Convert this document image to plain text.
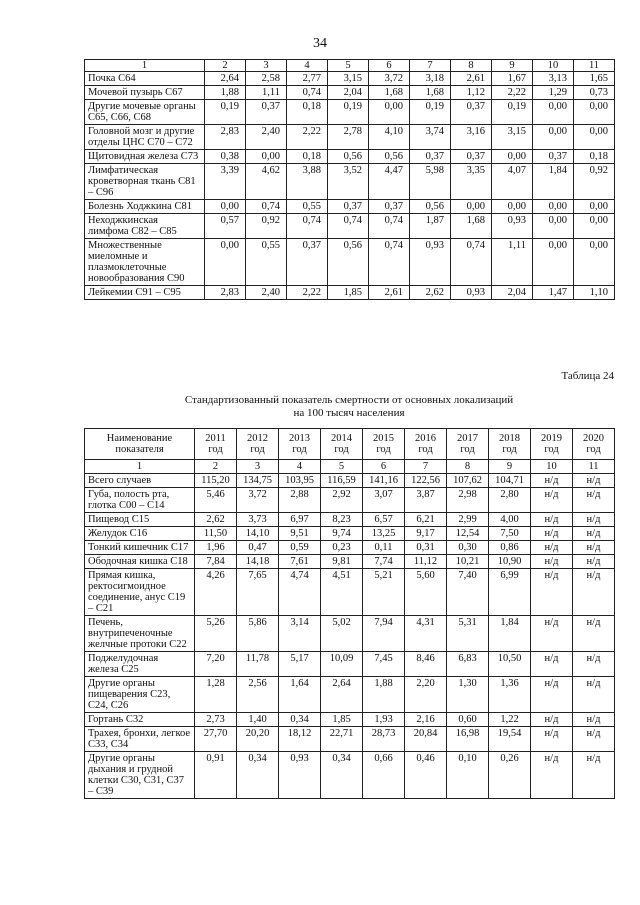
34
1	2	3	4	5	6	7	8	9	10	11
Почка С64	2,64	2,58	2,77	3,15	3,72	3,18	2,61	1,67	3,13	1,65
Мочевой пузырь С67	1,88	1,11	0,74	2,04	1,68	1,68	1,12	2,22	1,29	0,73
Другие мочевые органы С65, С66, С68	0,19	0,37	0,18	0,19	0,00	0,19	0,37	0,19	0,00	0,00
Головной мозг и другие отделы ЦНС С70 – С72	2,83	2,40	2,22	2,78	4,10	3,74	3,16	3,15	0,00	0,00
Щитовидная железа С73	0,38	0,00	0,18	0,56	0,56	0,37	0,37	0,00	0,37	0,18
Лимфатическая кроветворная ткань С81 – С96	3,39	4,62	3,88	3,52	4,47	5,98	3,35	4,07	1,84	0,92
Болезнь Ходжкина С81	0,00	0,74	0,55	0,37	0,37	0,56	0,00	0,00	0,00	0,00
Неходжкинская лимфома С82 – С85	0,57	0,92	0,74	0,74	0,74	1,87	1,68	0,93	0,00	0,00
Множественные миеломные и плазмоклеточные новообразования С90	0,00	0,55	0,37	0,56	0,74	0,93	0,74	1,11	0,00	0,00
Лейкемии С91 – С95	2,83	2,40	2,22	1,85	2,61	2,62	0,93	2,04	1,47	1,10
Таблица 24
Стандартизованный показатель смертности от основных локализаций
на 100 тысяч населения
Наименование показателя	2011 год	2012 год	2013 год	2014 год	2015 год	2016 год	2017 год	2018 год	2019 год	2020 год
1	2	3	4	5	6	7	8	9	10	11
Всего случаев	115,20	134,75	103,95	116,59	141,16	122,56	107,62	104,71	н/д	н/д
Губа, полость рта, глотка С00 – С14	5,46	3,72	2,88	2,92	3,07	3,87	2,98	2,80	н/д	н/д
Пищевод С15	2,62	3,73	6,97	8,23	6,57	6,21	2,99	4,00	н/д	н/д
Желудок С16	11,50	14,10	9,51	9,74	13,25	9,17	12,54	7,50	н/д	н/д
Тонкий кишечник С17	1,96	0,47	0,59	0,23	0,11	0,31	0,30	0,86	н/д	н/д
Ободочная кишка С18	7,84	14,18	7,61	9,81	7,74	11,12	10,21	10,90	н/д	н/д
Прямая кишка, ректосигмоидное соединение, анус С19 – С21	4,26	7,65	4,74	4,51	5,21	5,60	7,40	6,99	н/д	н/д
Печень, внутрипеченочные желчные протоки С22	5,26	5,86	3,14	5,02	7,94	4,31	5,31	1,84	н/д	н/д
Поджелудочная железа С25	7,20	11,78	5,17	10,09	7,45	8,46	6,83	10,50	н/д	н/д
Другие органы пищеварения С23, С24, С26	1,28	2,56	1,64	2,64	1,88	2,20	1,30	1,36	н/д	н/д
Гортань С32	2,73	1,40	0,34	1,85	1,93	2,16	0,60	1,22	н/д	н/д
Трахея, бронхи, легкое С33, С34	27,70	20,20	18,12	22,71	28,73	20,84	16,98	19,54	н/д	н/д
Другие органы дыхания и грудной клетки С30, С31, С37 – С39	0,91	0,34	0,93	0,34	0,66	0,46	0,10	0,26	н/д	н/д
